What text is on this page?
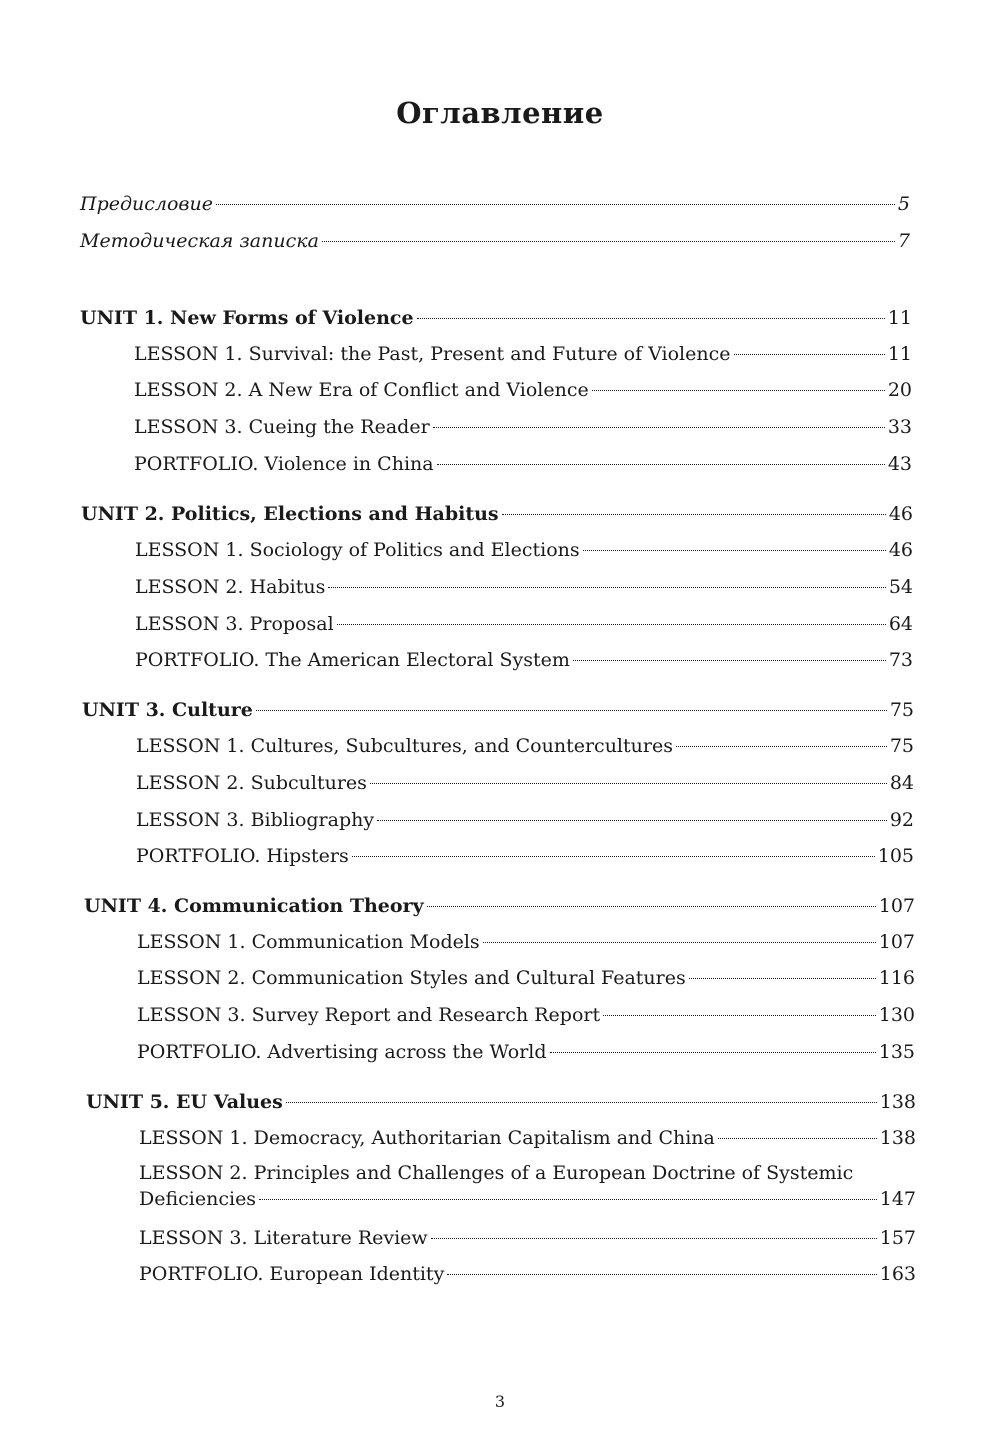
Оглавление
Предисловие	5
Методическая записка	7
UNIT 1. New Forms of Violence	11
LESSON 1. Survival: the Past, Present and Future of Violence	11
LESSON 2. A New Era of Conflict and Violence	20
LESSON 3. Cueing the Reader	33
PORTFOLIO. Violence in China	43
UNIT 2. Politics, Elections and Habitus	46
LESSON 1. Sociology of Politics and Elections	46
LESSON 2. Habitus	54
LESSON 3. Proposal	64
PORTFOLIO. The American Electoral System	73
UNIT 3. Culture	75
LESSON 1. Cultures, Subcultures, and Countercultures	75
LESSON 2. Subcultures	84
LESSON 3. Bibliography	92
PORTFOLIO. Hipsters	105
UNIT 4. Communication Theory	107
LESSON 1. Communication Models	107
LESSON 2. Communication Styles and Cultural Features	116
LESSON 3. Survey Report and Research Report	130
PORTFOLIO. Advertising across the World	135
UNIT 5. EU Values	138
LESSON 1. Democracy, Authoritarian Capitalism and China	138
LESSON 2. Principles and Challenges of a European Doctrine of Systemic
Deficiencies	147
LESSON 3. Literature Review	157
PORTFOLIO. European Identity	163
3
